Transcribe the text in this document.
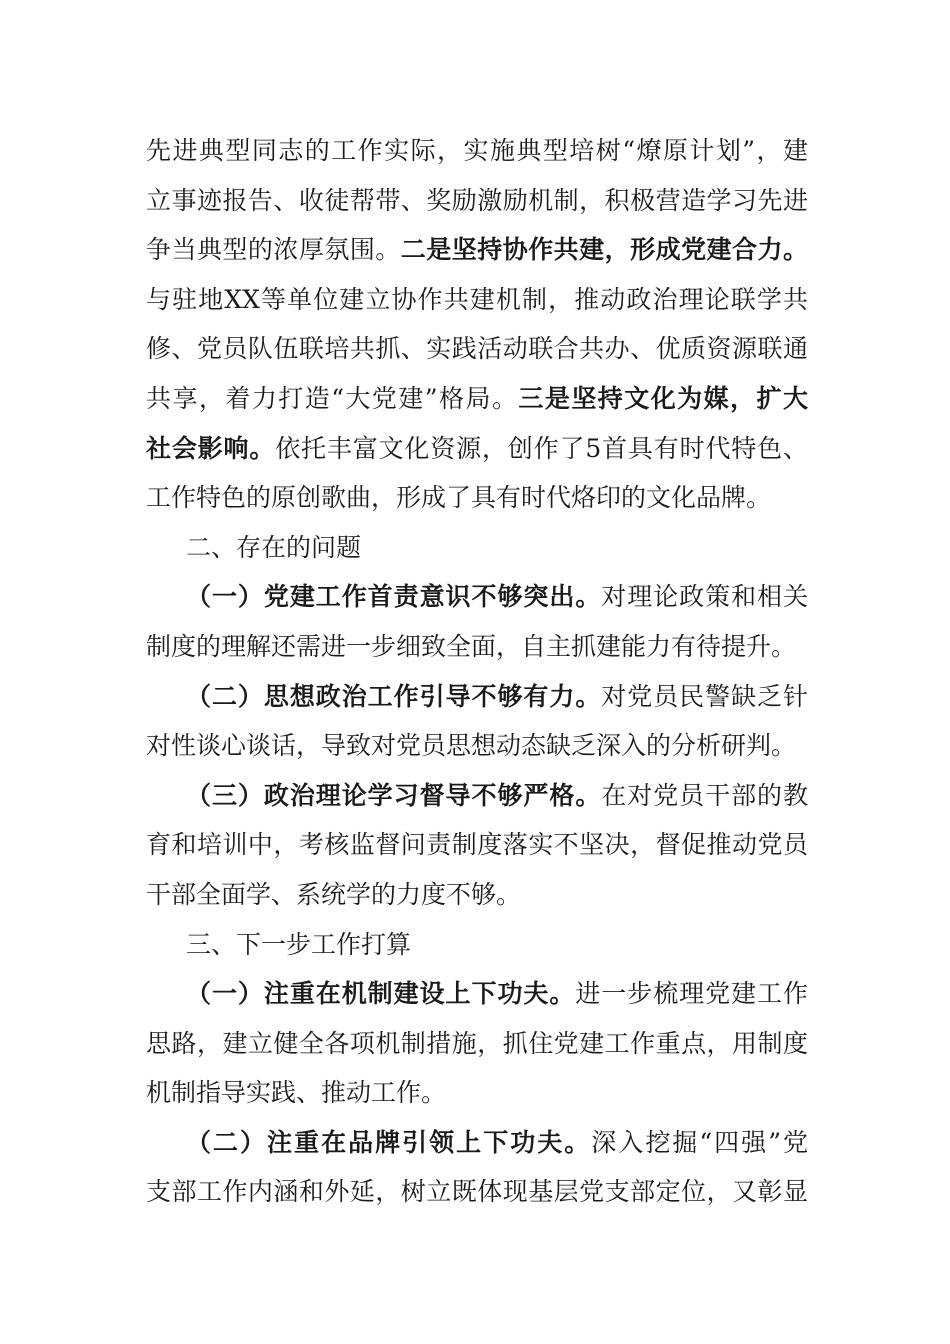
先进典型同志的工作实际，实施典型培树“燎原计划”，建
立事迹报告、收徒帮带、奖励激励机制，积极营造学习先进
争当典型的浓厚氛围。二是坚持协作共建，形成党建合力。
与驻地XX等单位建立协作共建机制，推动政治理论联学共
修、党员队伍联培共抓、实践活动联合共办、优质资源联通
共享，着力打造“大党建”格局。三是坚持文化为媒，扩大
社会影响。依托丰富文化资源，创作了5首具有时代特色、
工作特色的原创歌曲，形成了具有时代烙印的文化品牌。
二、存在的问题
（一）党建工作首责意识不够突出。对理论政策和相关
制度的理解还需进一步细致全面，自主抓建能力有待提升。
（二）思想政治工作引导不够有力。对党员民警缺乏针
对性谈心谈话，导致对党员思想动态缺乏深入的分析研判。
（三）政治理论学习督导不够严格。在对党员干部的教
育和培训中，考核监督问责制度落实不坚决，督促推动党员
干部全面学、系统学的力度不够。
三、下一步工作打算
（一）注重在机制建设上下功夫。进一步梳理党建工作
思路，建立健全各项机制措施，抓住党建工作重点，用制度
机制指导实践、推动工作。
（二）注重在品牌引领上下功夫。深入挖掘“四强”党
支部工作内涵和外延，树立既体现基层党支部定位，又彰显
